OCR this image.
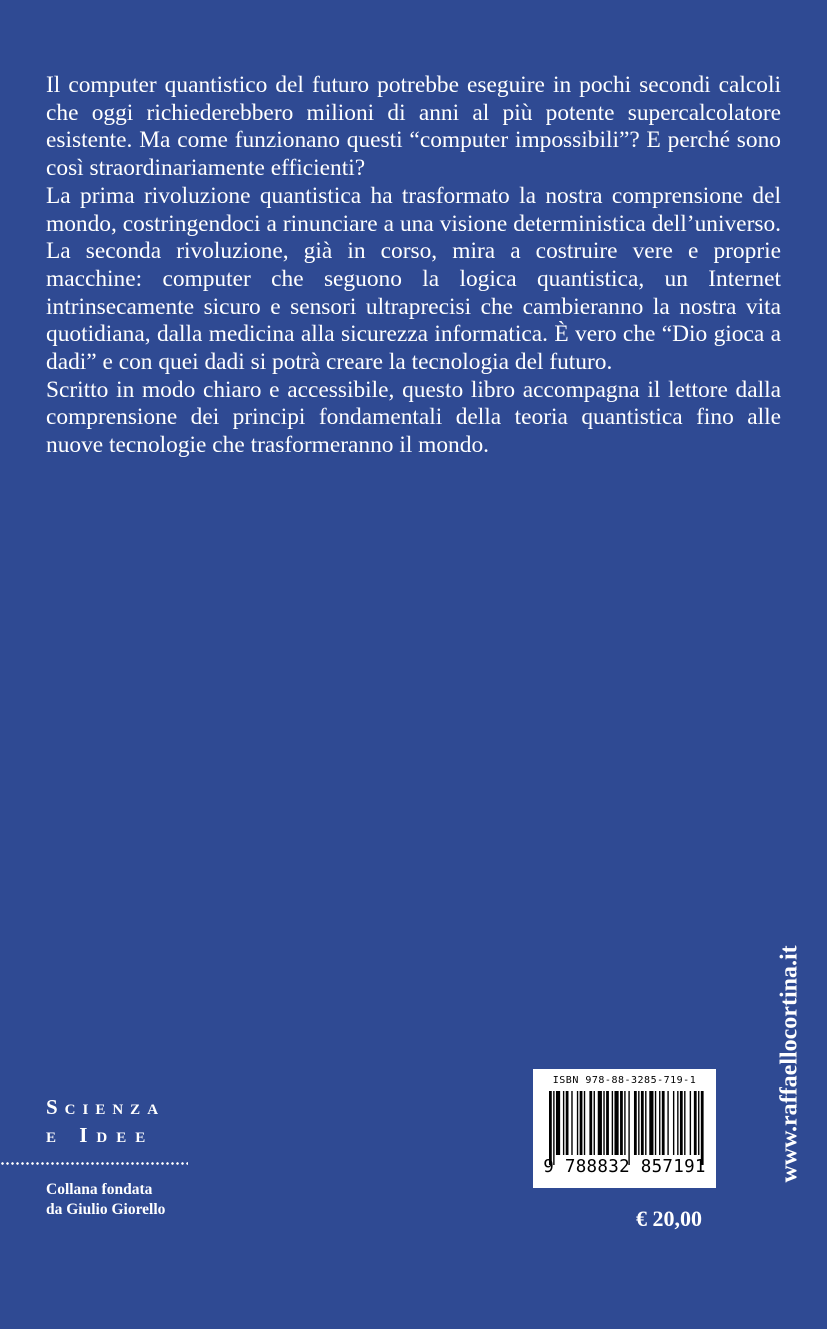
Il computer quantistico del futuro potrebbe eseguire in pochi secondi calcoli che oggi richiederebbero milioni di anni al più potente supercalcolatore esistente. Ma come funzionano questi “computer impossibili”? E perché sono così straordinariamente efficienti?

La prima rivoluzione quantistica ha trasformato la nostra comprensione del mondo, costringendoci a rinunciare a una visione deterministica dell’universo. La seconda rivoluzione, già in corso, mira a costruire vere e proprie macchine: computer che seguono la logica quantistica, un Internet intrinsecamente sicuro e sensori ultraprecisi che cambieranno la nostra vita quotidiana, dalla medicina alla sicurezza informatica. È vero che “Dio gioca a dadi” e con quei dadi si potrà creare la tecnologia del futuro.

Scritto in modo chiaro e accessibile, questo libro accompagna il lettore dalla comprensione dei principi fondamentali della teoria quantistica fino alle nuove tecnologie che trasformeranno il mondo.

Scienza

e Idee

Collana fondata
da Giulio Giorello
ISBN 978-88-3285-719-1
9 788832 857191
€ 20,00
www.raffaellocortina.it
